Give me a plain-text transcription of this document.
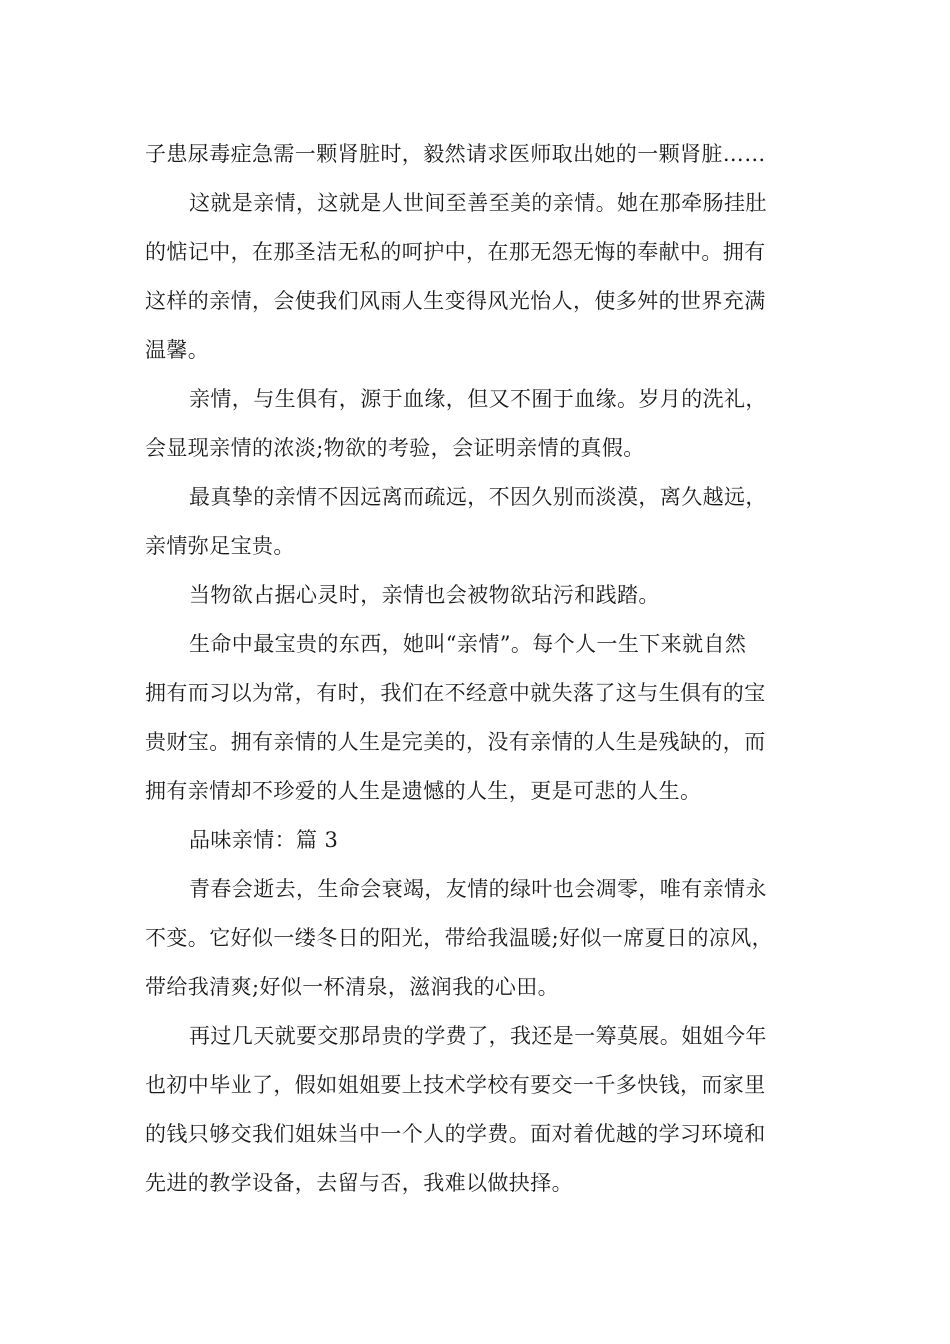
子患尿毒症急需一颗肾脏时，毅然请求医师取出她的一颗肾脏……
这就是亲情，这就是人世间至善至美的亲情。她在那牵肠挂肚
的惦记中，在那圣洁无私的呵护中，在那无怨无悔的奉献中。拥有
这样的亲情，会使我们风雨人生变得风光怡人，使多舛的世界充满
温馨。
亲情，与生俱有，源于血缘，但又不囿于血缘。岁月的洗礼，
会显现亲情的浓淡;物欲的考验，会证明亲情的真假。
最真挚的亲情不因远离而疏远，不因久别而淡漠，离久越远，
亲情弥足宝贵。
当物欲占据心灵时，亲情也会被物欲玷污和践踏。
生命中最宝贵的东西，她叫“亲情”。每个人一生下来就自然
拥有而习以为常，有时，我们在不经意中就失落了这与生俱有的宝
贵财宝。拥有亲情的人生是完美的，没有亲情的人生是残缺的，而
拥有亲情却不珍爱的人生是遗憾的人生，更是可悲的人生。
品味亲情：篇 3
青春会逝去，生命会衰竭，友情的绿叶也会凋零，唯有亲情永
不变。它好似一缕冬日的阳光，带给我温暖;好似一席夏日的凉风，
带给我清爽;好似一杯清泉，滋润我的心田。
再过几天就要交那昂贵的学费了，我还是一筹莫展。姐姐今年
也初中毕业了，假如姐姐要上技术学校有要交一千多快钱，而家里
的钱只够交我们姐妹当中一个人的学费。面对着优越的学习环境和
先进的教学设备，去留与否，我难以做抉择。
